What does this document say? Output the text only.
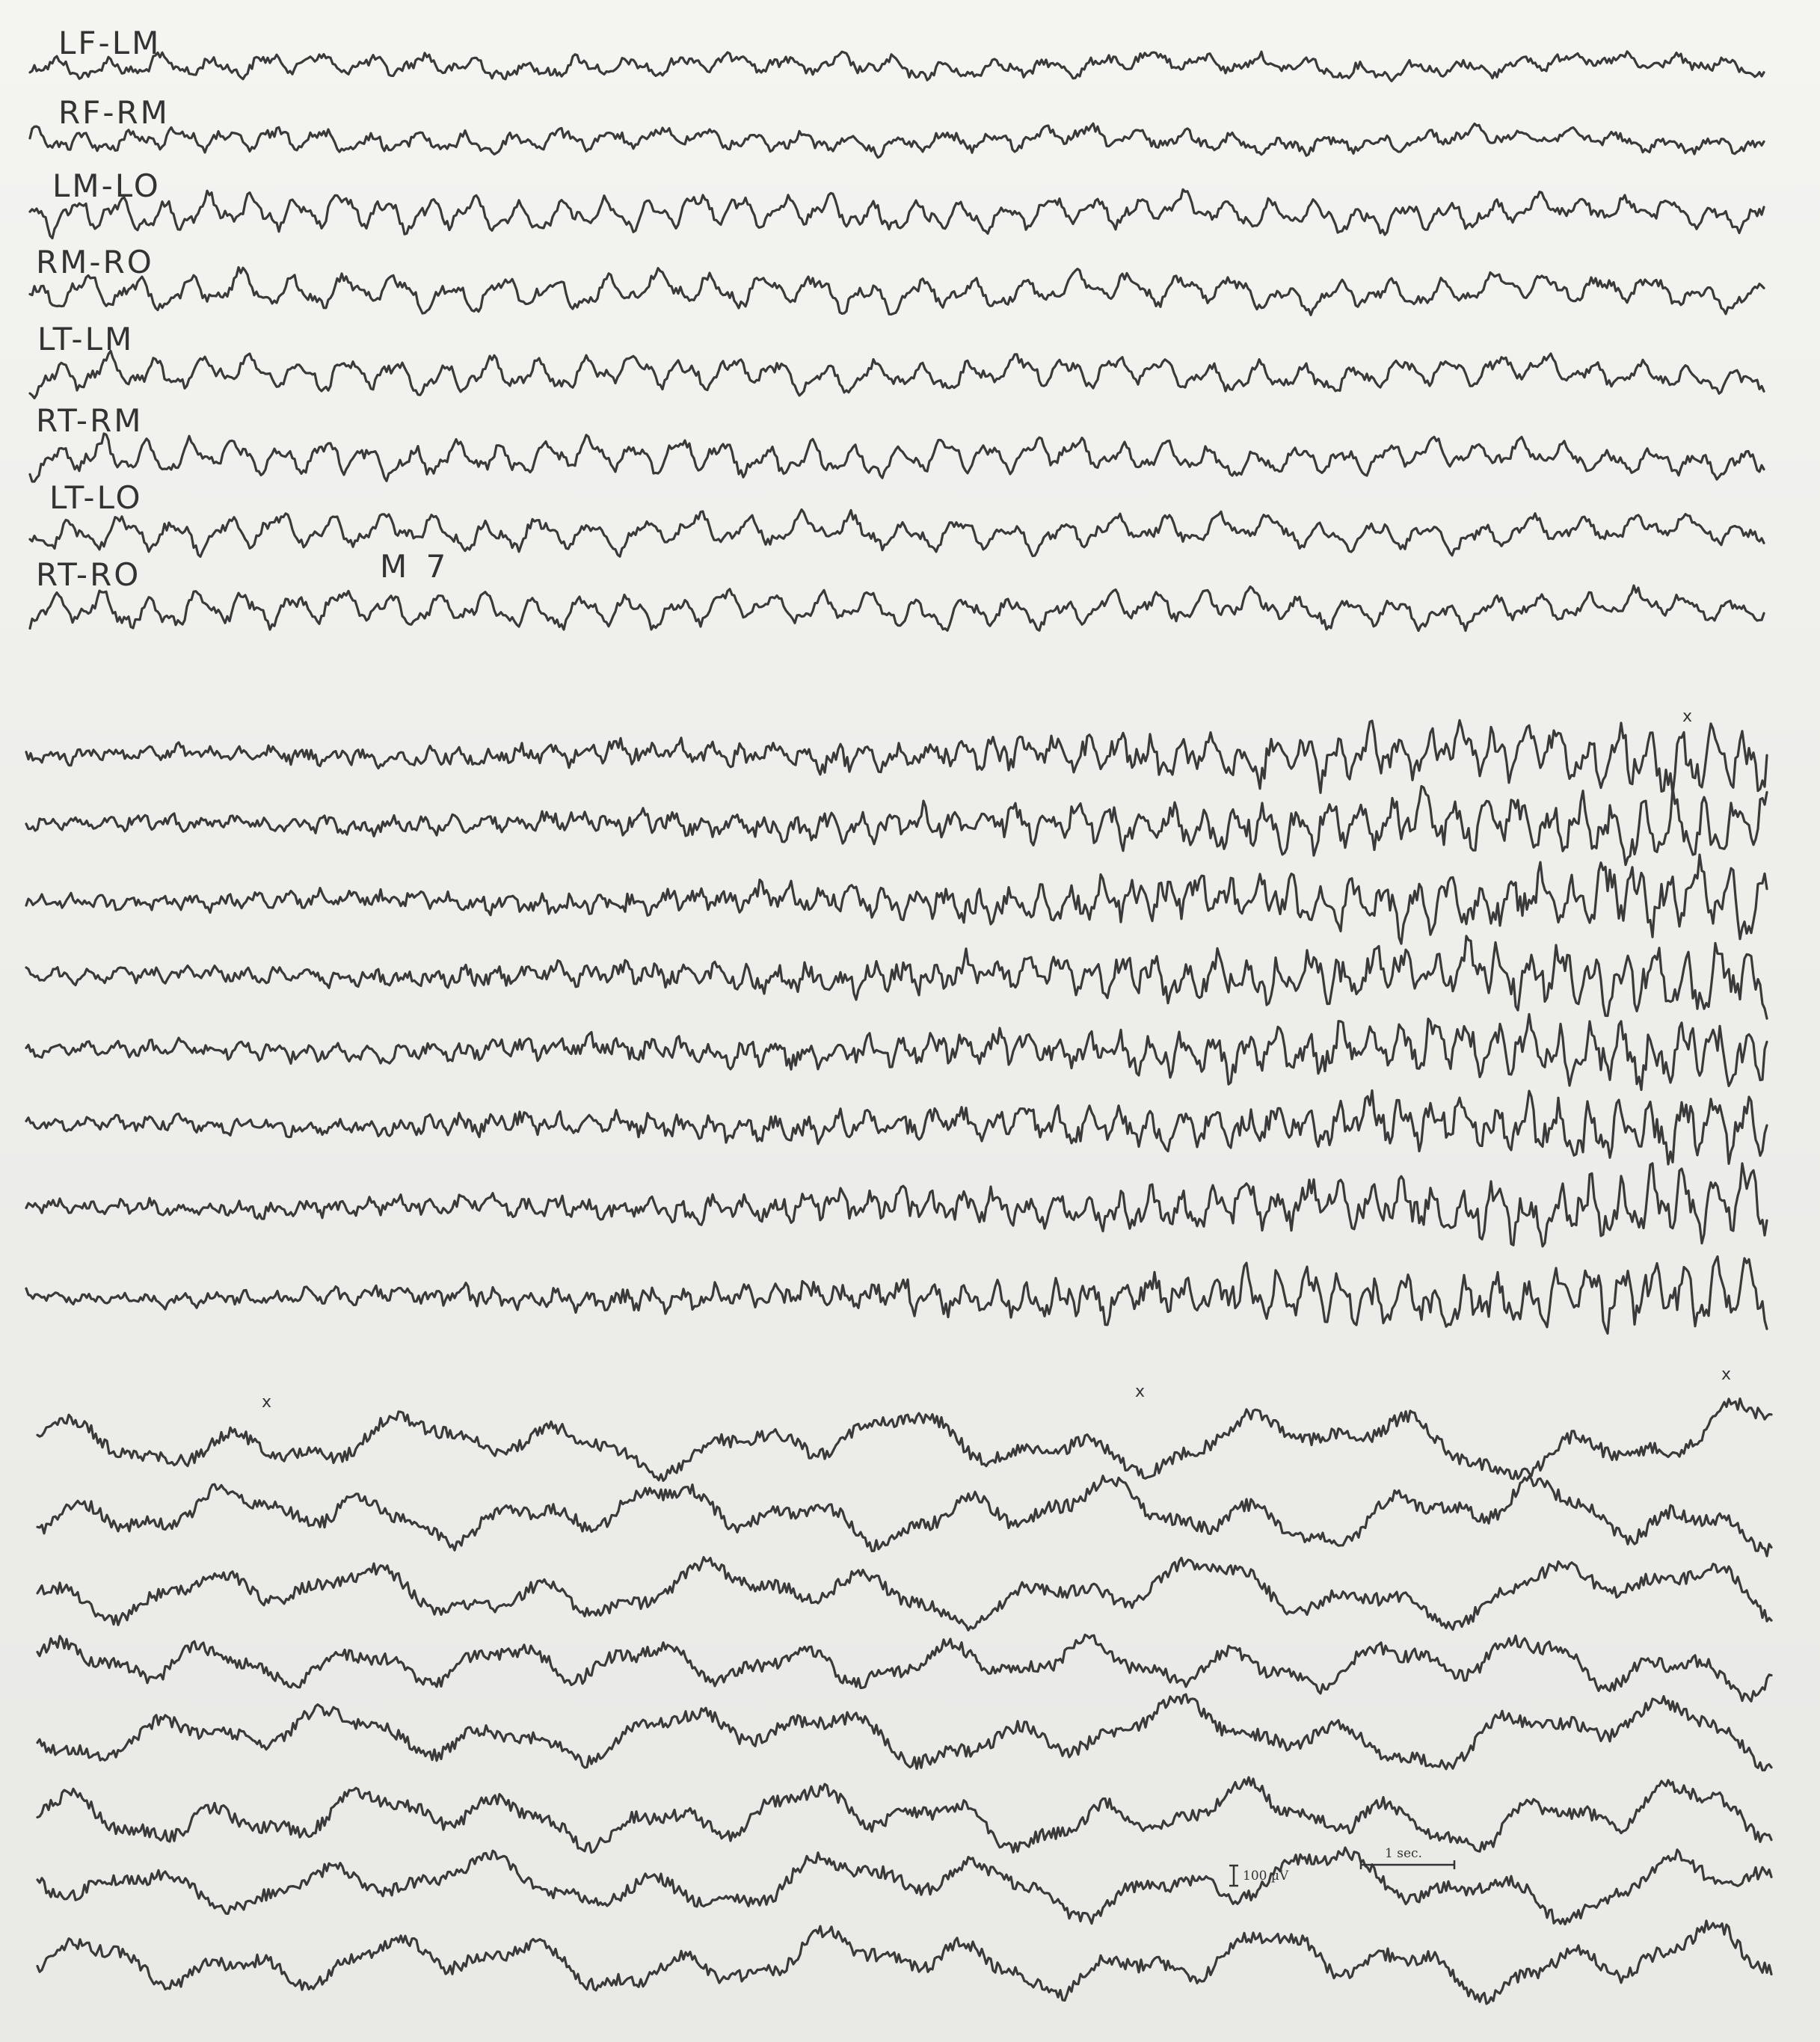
LF-LM
RF-RM
LM-LO
RM-RO
LT-LM
RT-RM
LT-LO
RT-RO	M 7
x
x
x
x
100 µV
1 sec.
